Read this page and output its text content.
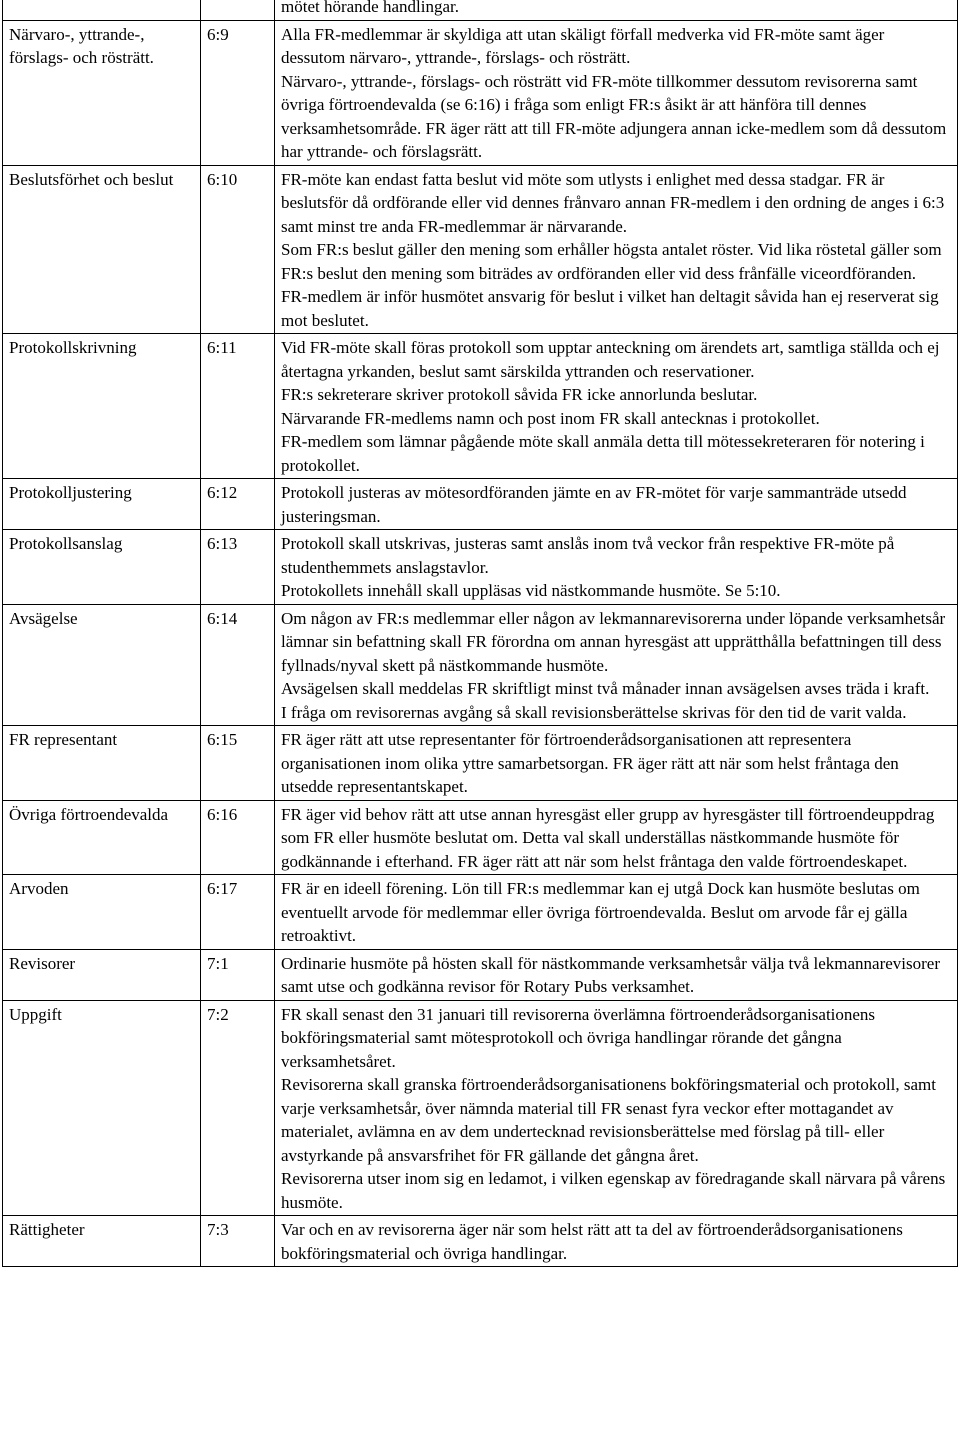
		mötet hörande handlingar.

Närvaro-, yttrande-, förslags- och rösträtt.	6:9	Alla FR-medlemmar är skyldiga att utan skäligt förfall medverka vid FR-möte samt äger dessutom närvaro-, yttrande-, förslags- och rösträtt.
Närvaro-, yttrande-, förslags- och rösträtt vid FR-möte tillkommer dessutom revisorerna samt övriga förtroendevalda (se 6:16) i fråga som enligt FR:s åsikt är att hänföra till dennes verksamhetsområde. FR äger rätt att till FR-möte adjungera annan icke-medlem som då dessutom har yttrande- och förslagsrätt.

Beslutsförhet och beslut	6:10	FR-möte kan endast fatta beslut vid möte som utlysts i enlighet med dessa stadgar. FR är beslutsför då ordförande eller vid dennes frånvaro annan FR-medlem i den ordning de anges i 6:3 samt minst tre anda FR-medlemmar är närvarande.
Som FR:s beslut gäller den mening som erhåller högsta antalet röster. Vid lika röstetal gäller som FR:s beslut den mening som biträdes av ordföranden eller vid dess frånfälle viceordföranden.
FR-medlem är inför husmötet ansvarig för beslut i vilket han deltagit såvida han ej reserverat sig mot beslutet.

Protokollskrivning	6:11	Vid FR-möte skall föras protokoll som upptar anteckning om ärendets art, samtliga ställda och ej återtagna yrkanden, beslut samt särskilda yttranden och reservationer.
FR:s sekreterare skriver protokoll såvida FR icke annorlunda beslutar.
Närvarande FR-medlems namn och post inom FR skall antecknas i protokollet.
FR-medlem som lämnar pågående möte skall anmäla detta till mötessekreteraren för notering i protokollet.

Protokolljustering	6:12	Protokoll justeras av mötesordföranden jämte en av FR-mötet för varje sammanträde utsedd justeringsman.

Protokollsanslag	6:13	Protokoll skall utskrivas, justeras samt anslås inom två veckor från respektive FR-möte på studenthemmets anslagstavlor.
Protokollets innehåll skall uppläsas vid nästkommande husmöte. Se 5:10.

Avsägelse	6:14	Om någon av FR:s medlemmar eller någon av lekmannarevisorerna under löpande verksamhetsår lämnar sin befattning skall FR förordna om annan hyresgäst att upprätthålla befattningen till dess fyllnads/nyval skett på nästkommande husmöte.
Avsägelsen skall meddelas FR skriftligt minst två månader innan avsägelsen avses träda i kraft.
I fråga om revisorernas avgång så skall revisionsberättelse skrivas för den tid de varit valda.

FR representant	6:15	FR äger rätt att utse representanter för förtroenderådsorganisationen att representera organisationen inom olika yttre samarbetsorgan. FR äger rätt att när som helst fråntaga den utsedde representantskapet.

Övriga förtroendevalda	6:16	FR äger vid behov rätt att utse annan hyresgäst eller grupp av hyresgäster till förtroendeuppdrag som FR eller husmöte beslutat om. Detta val skall underställas nästkommande husmöte för godkännande i efterhand. FR äger rätt att när som helst fråntaga den valde förtroendeskapet.

Arvoden	6:17	FR är en ideell förening. Lön till FR:s medlemmar kan ej utgå Dock kan husmöte beslutas om eventuellt arvode för medlemmar eller övriga förtroendevalda. Beslut om arvode får ej gälla retroaktivt.

Revisorer	7:1	Ordinarie husmöte på hösten skall för nästkommande verksamhetsår välja två lekmannarevisorer samt utse och godkänna revisor för Rotary Pubs verksamhet.

Uppgift	7:2	FR skall senast den 31 januari till revisorerna överlämna förtroenderådsorganisationens bokföringsmaterial samt mötesprotokoll och övriga handlingar rörande det gångna verksamhetsåret.
Revisorerna skall granska förtroenderådsorganisationens bokföringsmaterial och protokoll, samt varje verksamhetsår, över nämnda material till FR senast fyra veckor efter mottagandet av materialet, avlämna en av dem undertecknad revisionsberättelse med förslag på till- eller avstyrkande på ansvarsfrihet för FR gällande det gångna året.
Revisorerna utser inom sig en ledamot, i vilken egenskap av föredragande skall närvara på vårens husmöte.

Rättigheter	7:3	Var och en av revisorerna äger när som helst rätt att ta del av förtroenderådsorganisationens bokföringsmaterial och övriga handlingar.
